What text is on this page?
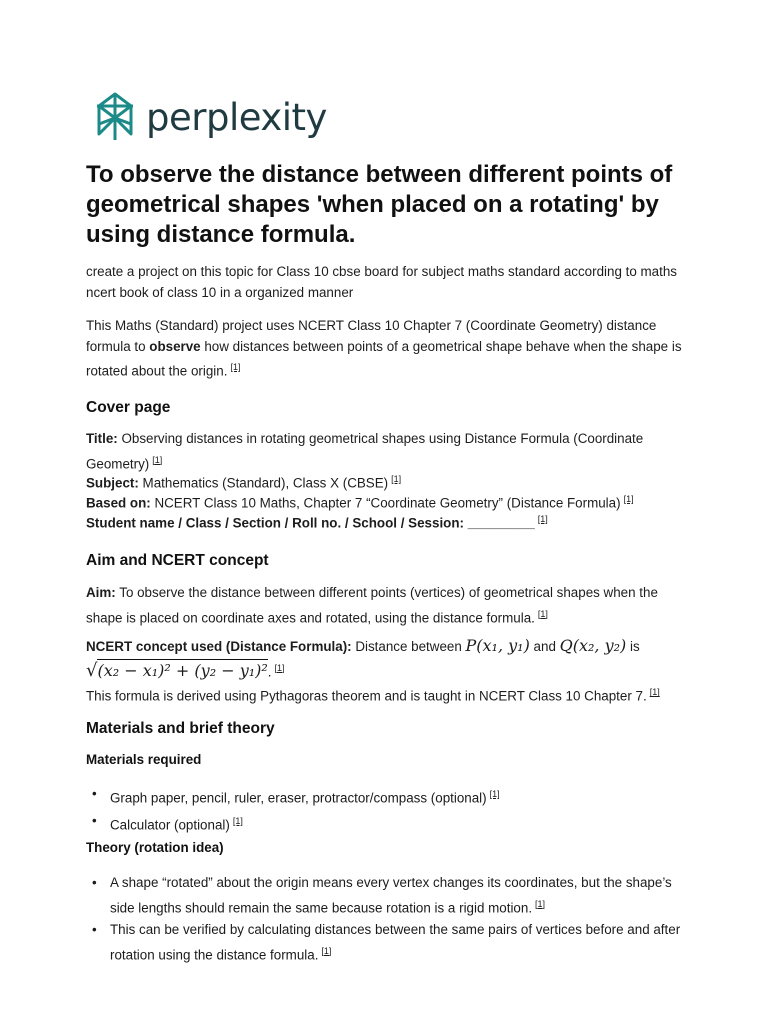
perplexity
To observe the distance between different points of geometrical shapes 'when placed on a rotating' by using distance formula.

create a project on this topic for Class 10 cbse board for subject maths standard according to maths ncert book of class 10 in a organized manner

This Maths (Standard) project uses NCERT Class 10 Chapter 7 (Coordinate Geometry) distance formula to observe how distances between points of a geometrical shape behave when the shape is rotated about the origin. [1]

Cover page

Title: Observing distances in rotating geometrical shapes using Distance Formula (Coordinate Geometry) [1]

Subject: Mathematics (Standard), Class X (CBSE) [1]

Based on: NCERT Class 10 Maths, Chapter 7 “Coordinate Geometry” (Distance Formula) [1]

Student name / Class / Section / Roll no. / School / Session: _________ [1]

Aim and NCERT concept

Aim: To observe the distance between different points (vertices) of geometrical shapes when the shape is placed on coordinate axes and rotated, using the distance formula. [1]

NCERT concept used (Distance Formula): Distance between P(x₁, y₁) and Q(x₂, y₂) is
√(x₂ − x₁)² + (y₂ − y₁)². [1]
This formula is derived using Pythagoras theorem and is taught in NCERT Class 10 Chapter 7. [1]

Materials and brief theory
Materials required
• Graph paper, pencil, ruler, eraser, protractor/compass (optional) [1]
• Calculator (optional) [1]
Theory (rotation idea)
• A shape “rotated” about the origin means every vertex changes its coordinates, but the shape’s side lengths should remain the same because rotation is a rigid motion. [1]
• This can be verified by calculating distances between the same pairs of vertices before and after rotation using the distance formula. [1]
